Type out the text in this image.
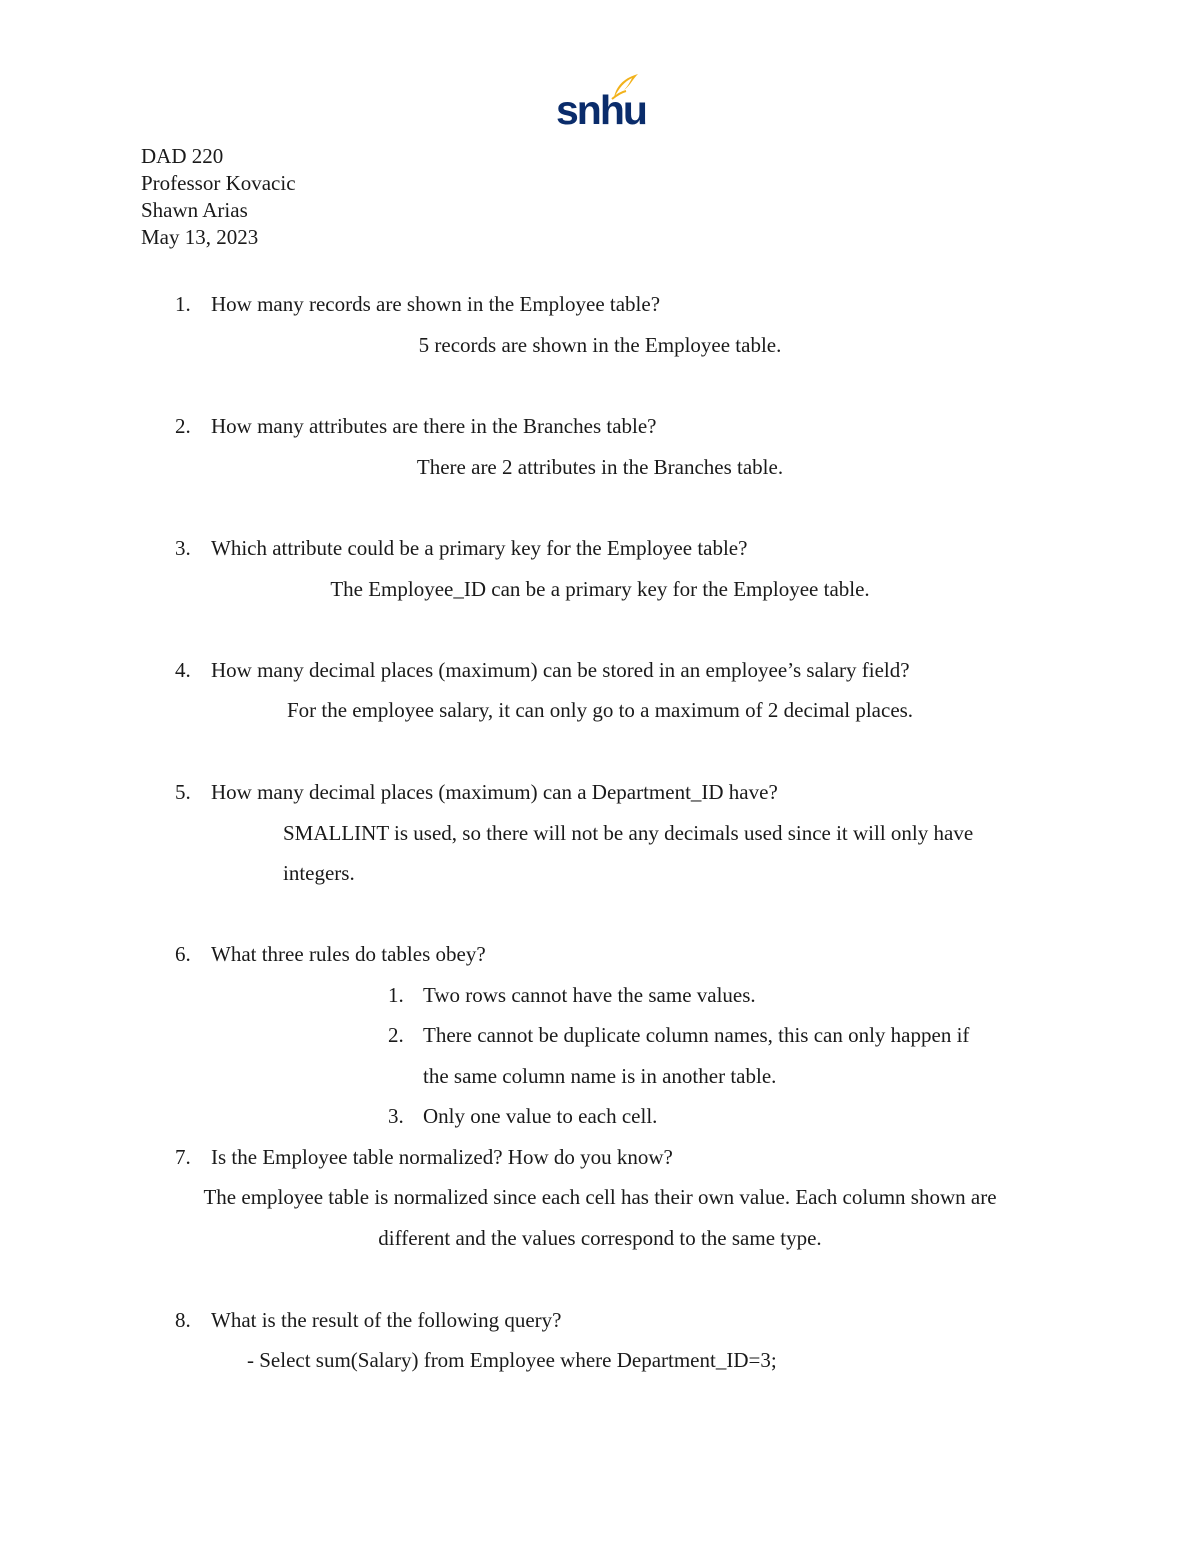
snhu
DAD 220
Professor Kovacic
Shawn Arias
May 13, 2023
1. How many records are shown in the Employee table?
5 records are shown in the Employee table.
2. How many attributes are there in the Branches table?
There are 2 attributes in the Branches table.
3. Which attribute could be a primary key for the Employee table?
The Employee_ID can be a primary key for the Employee table.
4. How many decimal places (maximum) can be stored in an employee’s salary field?
For the employee salary, it can only go to a maximum of 2 decimal places.
5. How many decimal places (maximum) can a Department_ID have?
SMALLINT is used, so there will not be any decimals used since it will only have
integers.
6. What three rules do tables obey?
1. Two rows cannot have the same values.
2. There cannot be duplicate column names, this can only happen if
the same column name is in another table.
3. Only one value to each cell.
7. Is the Employee table normalized? How do you know?
The employee table is normalized since each cell has their own value. Each column shown are
different and the values correspond to the same type.
8. What is the result of the following query?
- Select sum(Salary) from Employee where Department_ID=3;
